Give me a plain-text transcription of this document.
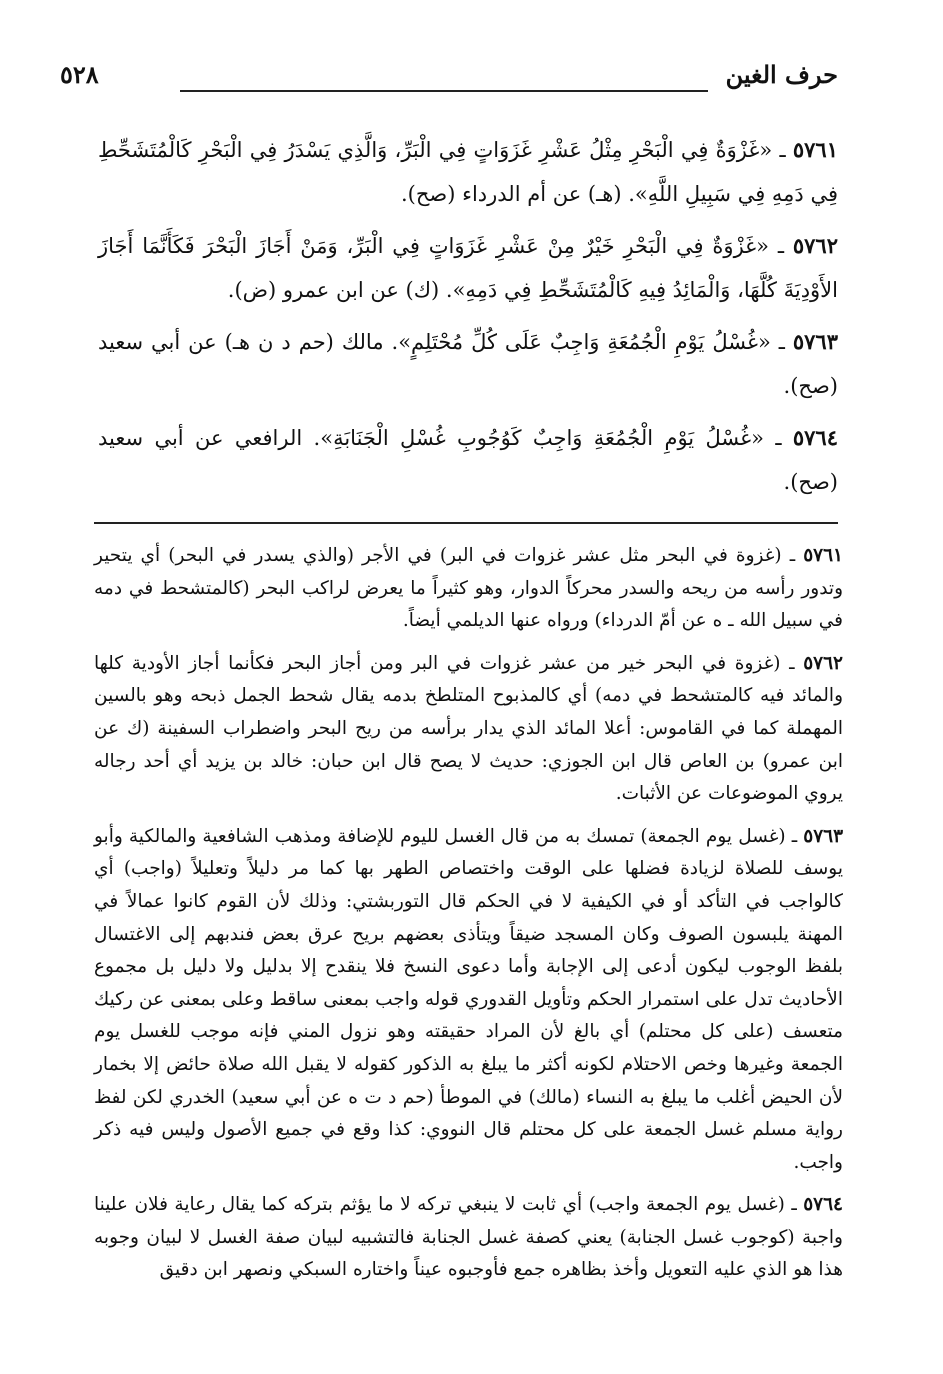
حرف الغين
٥٢٨

٥٧٦١ ـ «غَزْوَةٌ فِي الْبَحْرِ مِثْلُ عَشْرِ غَزَوَاتٍ فِي الْبَرِّ، وَالَّذِي يَسْدَرُ فِي الْبَحْرِ كَالْمُتَشَحِّطِ فِي دَمِهِ فِي سَبِيلِ اللَّهِ». (هـ) عن أم الدرداء (صح).

٥٧٦٢ ـ «غَزْوَةٌ فِي الْبَحْرِ خَيْرٌ مِنْ عَشْرِ غَزَوَاتٍ فِي الْبَرِّ، وَمَنْ أَجَازَ الْبَحْرَ فَكَأَنَّمَا أَجَازَ الأَوْدِيَةَ كُلَّهَا، وَالْمَائِدُ فِيهِ كَالْمُتَشَحِّطِ فِي دَمِهِ». (ك) عن ابن عمرو (ض).

٥٧٦٣ ـ «غُسْلُ يَوْمِ الْجُمُعَةِ وَاجِبٌ عَلَى كُلِّ مُحْتَلِمٍ». مالك (حم د ن هـ) عن أبي سعيد (صح).

٥٧٦٤ ـ «غُسْلُ يَوْمِ الْجُمُعَةِ وَاجِبٌ كَوُجُوبِ غُسْلِ الْجَنَابَةِ». الرافعي عن أبي سعيد (صح).

٥٧٦١ ـ (غزوة في البحر مثل عشر غزوات في البر) في الأجر (والذي يسدر في البحر) أي يتحير وتدور رأسه من ريحه والسدر محركاً الدوار، وهو كثيراً ما يعرض لراكب البحر (كالمتشحط في دمه في سبيل الله ـ ه عن أمّ الدرداء) ورواه عنها الديلمي أيضاً.

٥٧٦٢ ـ (غزوة في البحر خير من عشر غزوات في البر ومن أجاز البحر فكأنما أجاز الأودية كلها والمائد فيه كالمتشحط في دمه) أي كالمذبوح المتلطخ بدمه يقال شحط الجمل ذبحه وهو بالسين المهملة كما في القاموس: أعلا المائد الذي يدار برأسه من ريح البحر واضطراب السفينة (ك عن ابن عمرو) بن العاص قال ابن الجوزي: حديث لا يصح قال ابن حبان: خالد بن يزيد أي أحد رجاله يروي الموضوعات عن الأثبات.

٥٧٦٣ ـ (غسل يوم الجمعة) تمسك به من قال الغسل لليوم للإضافة ومذهب الشافعية والمالكية وأبو يوسف للصلاة لزيادة فضلها على الوقت واختصاص الطهر بها كما مر دليلاً وتعليلاً (واجب) أي كالواجب في التأكد أو في الكيفية لا في الحكم قال التوربشتي: وذلك لأن القوم كانوا عمالاً في المهنة يلبسون الصوف وكان المسجد ضيقاً ويتأذى بعضهم بريح عرق بعض فندبهم إلى الاغتسال بلفظ الوجوب ليكون أدعى إلى الإجابة وأما دعوى النسخ فلا ينقدح إلا بدليل ولا دليل بل مجموع الأحاديث تدل على استمرار الحكم وتأويل القدوري قوله واجب بمعنى ساقط وعلى بمعنى عن ركيك متعسف (على كل محتلم) أي بالغ لأن المراد حقيقته وهو نزول المني فإنه موجب للغسل يوم الجمعة وغيرها وخص الاحتلام لكونه أكثر ما يبلغ به الذكور كقوله لا يقبل الله صلاة حائض إلا بخمار لأن الحيض أغلب ما يبلغ به النساء (مالك) في الموطأ (حم د ت ه عن أبي سعيد) الخدري لكن لفظ رواية مسلم غسل الجمعة على كل محتلم قال النووي: كذا وقع في جميع الأصول وليس فيه ذكر واجب.

٥٧٦٤ ـ (غسل يوم الجمعة واجب) أي ثابت لا ينبغي تركه لا ما يؤثم بتركه كما يقال رعاية فلان علينا واجبة (كوجوب غسل الجنابة) يعني كصفة غسل الجنابة فالتشبيه لبيان صفة الغسل لا لبيان وجوبه هذا هو الذي عليه التعويل وأخذ بظاهره جمع فأوجبوه عيناً واختاره السبكي ونصهر ابن دقيق
